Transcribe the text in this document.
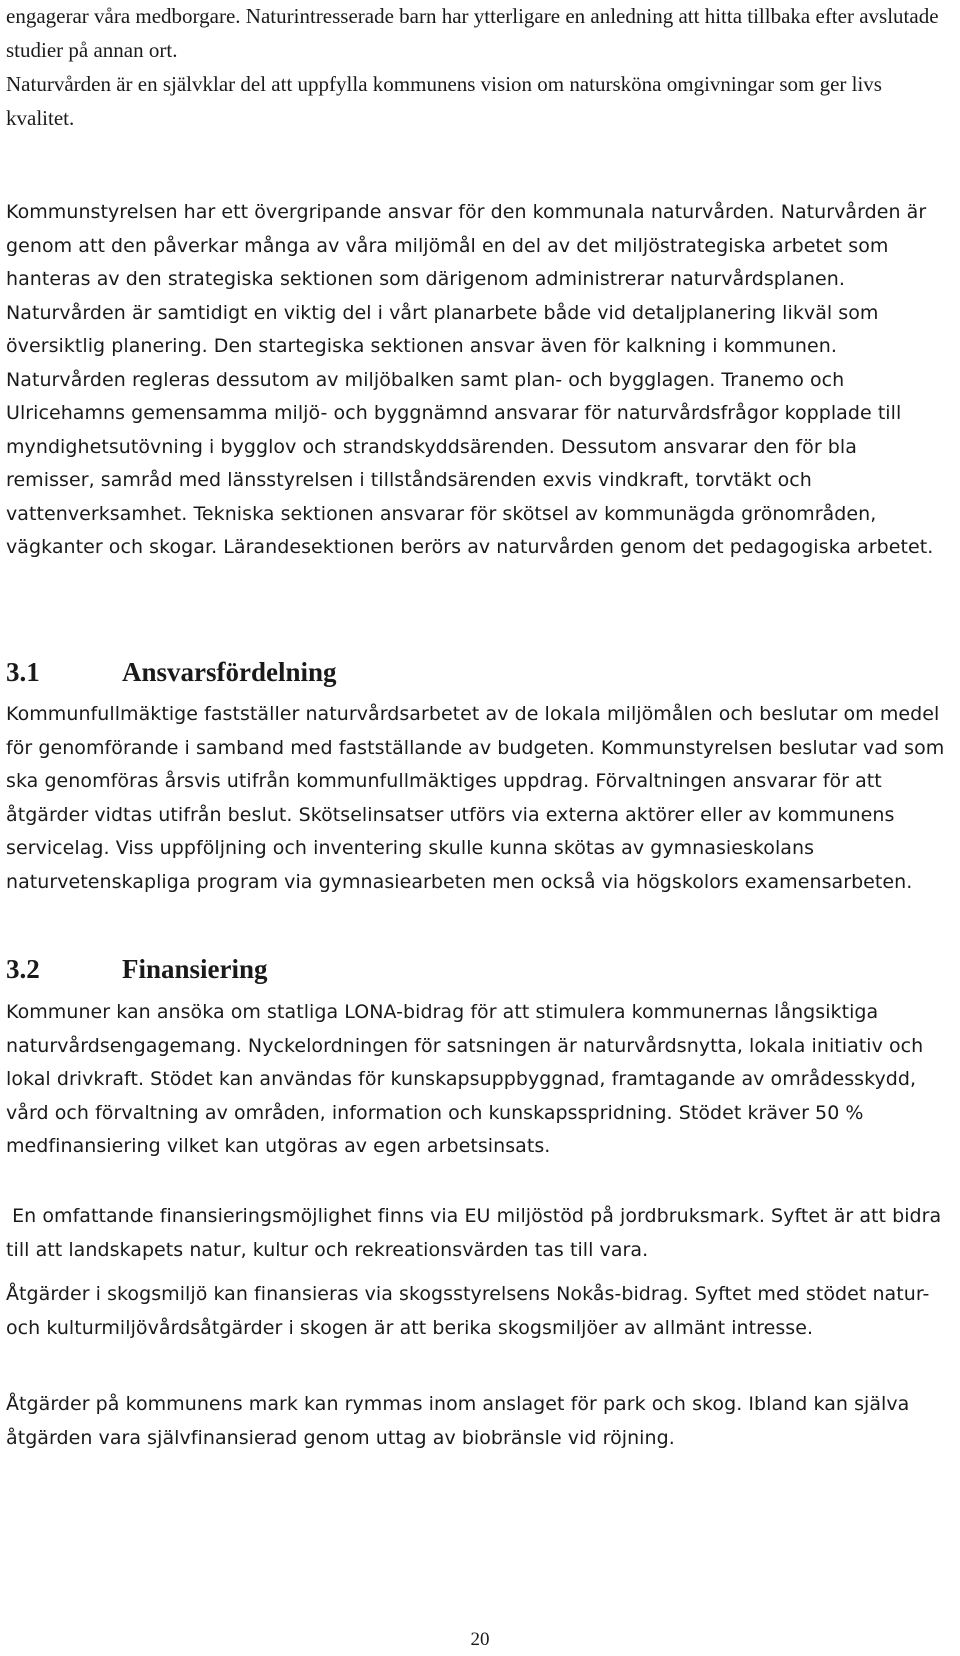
engagerar våra medborgare. Naturintresserade barn har ytterligare en anledning att hitta tillbaka efter avslutade studier på annan ort.

Naturvården är en självklar del att uppfylla kommunens vision om natursköna omgivningar som ger livs kvalitet.

Kommunstyrelsen har ett övergripande ansvar för den kommunala naturvården. Naturvården är genom att den påverkar många av våra miljömål en del av det miljöstrategiska arbetet som hanteras av den strategiska sektionen som därigenom administrerar naturvårdsplanen. Naturvården är samtidigt en viktig del i vårt planarbete både vid detaljplanering likväl som översiktlig planering. Den startegiska sektionen ansvar även för kalkning i kommunen. Naturvården regleras dessutom av miljöbalken samt plan- och bygglagen. Tranemo och Ulricehamns gemensamma miljö- och byggnämnd ansvarar för naturvårdsfrågor kopplade till myndighetsutövning i bygglov och strandskyddsärenden. Dessutom ansvarar den för bla remisser, samråd med länsstyrelsen i tillståndsärenden exvis vindkraft, torvtäkt och vattenverksamhet. Tekniska sektionen ansvarar för skötsel av kommunägda grönområden, vägkanter och skogar. Lärandesektionen berörs av naturvården genom det pedagogiska arbetet.

3.1	Ansvarsfördelning

Kommunfullmäktige fastställer naturvårdsarbetet av de lokala miljömålen och beslutar om medel för genomförande i samband med fastställande av budgeten. Kommunstyrelsen beslutar vad som ska genomföras årsvis utifrån kommunfullmäktiges uppdrag. Förvaltningen ansvarar för att åtgärder vidtas utifrån beslut. Skötselinsatser utförs via externa aktörer eller av kommunens servicelag. Viss uppföljning och inventering skulle kunna skötas av gymnasieskolans naturvetenskapliga program via gymnasiearbeten men också via högskolors examensarbeten.

3.2	Finansiering

Kommuner kan ansöka om statliga LONA-bidrag för att stimulera kommunernas långsiktiga naturvårdsengagemang. Nyckelordningen för satsningen är naturvårdsnytta, lokala initiativ och lokal drivkraft. Stödet kan användas för kunskapsuppbyggnad, framtagande av områdesskydd, vård och förvaltning av områden, information och kunskapsspridning. Stödet kräver 50 % medfinansiering vilket kan utgöras av egen arbetsinsats.

En omfattande finansieringsmöjlighet finns via EU miljöstöd på jordbruksmark. Syftet är att bidra till att landskapets natur, kultur och rekreationsvärden tas till vara.

Åtgärder i skogsmiljö kan finansieras via skogsstyrelsens Nokås-bidrag. Syftet med stödet natur- och kulturmiljövårdsåtgärder i skogen är att berika skogsmiljöer av allmänt intresse.

Åtgärder på kommunens mark kan rymmas inom anslaget för park och skog. Ibland kan själva åtgärden vara självfinansierad genom uttag av biobränsle vid röjning.

20
